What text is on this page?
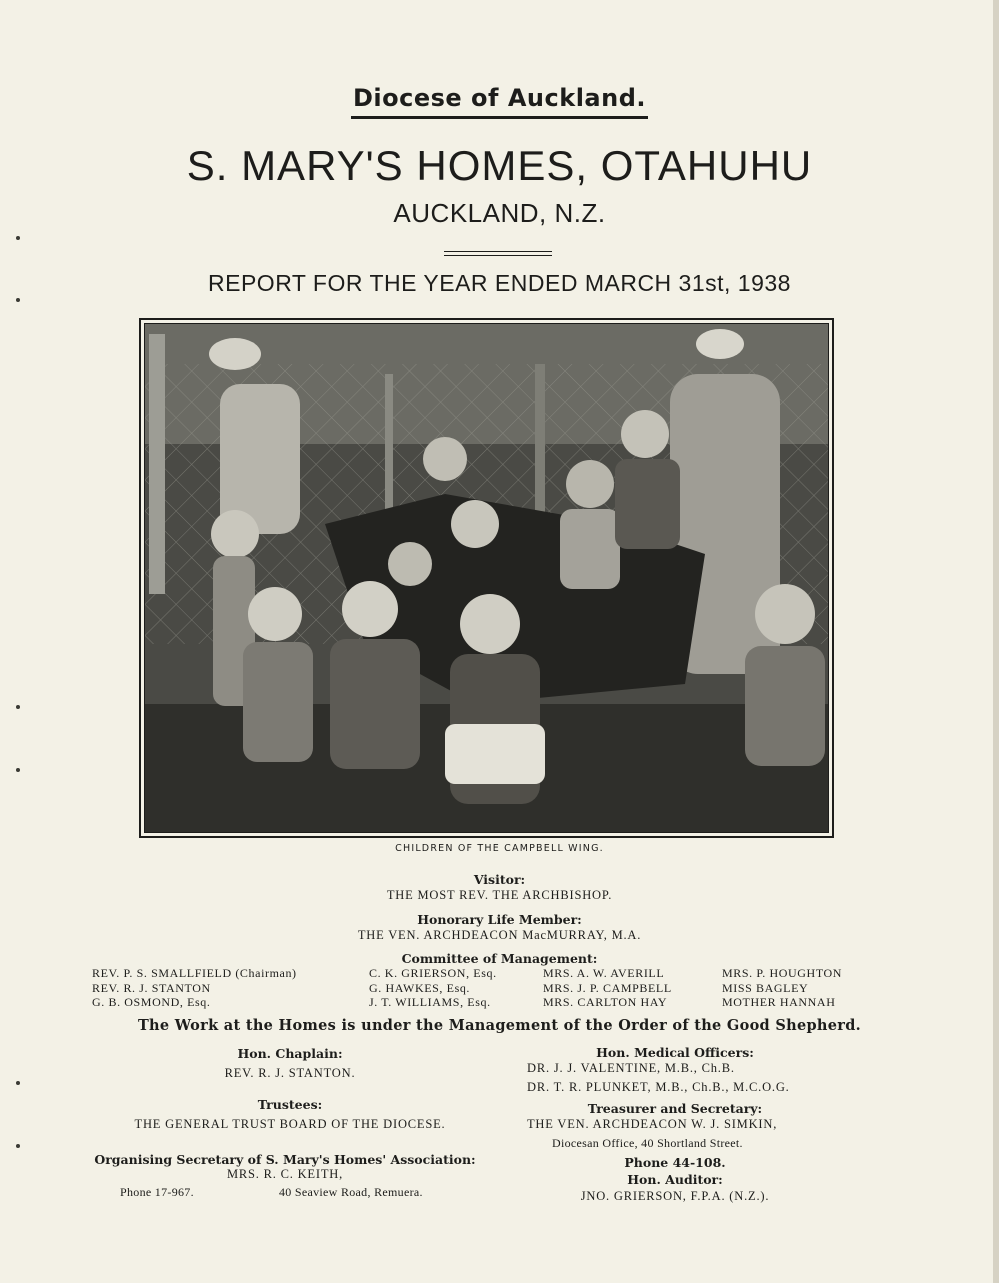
Diocese of Auckland.
S. MARY'S HOMES, OTAHUHU
AUCKLAND, N.Z.
REPORT FOR THE YEAR ENDED MARCH 31st, 1938
CHILDREN OF THE CAMPBELL WING.
Visitor:
THE MOST REV. THE ARCHBISHOP.
Honorary Life Member:
THE VEN. ARCHDEACON MacMURRAY, M.A.
Committee of Management:
REV. P. S. SMALLFIELD (Chairman)
REV. R. J. STANTON
G. B. OSMOND, Esq.
C. K. GRIERSON, Esq.
G. HAWKES, Esq.
J. T. WILLIAMS, Esq.
MRS. A. W. AVERILL
MRS. J. P. CAMPBELL
MRS. CARLTON HAY
MRS. P. HOUGHTON
MISS BAGLEY
MOTHER HANNAH
The Work at the Homes is under the Management of the Order of the Good Shepherd.
Hon. Chaplain:
REV. R. J. STANTON.
Trustees:
THE GENERAL TRUST BOARD OF THE DIOCESE.
Organising Secretary of S. Mary's Homes' Association:
MRS. R. C. KEITH,
Phone 17-967.	40 Seaview Road, Remuera.
Hon. Medical Officers:
DR. J. J. VALENTINE, M.B., Ch.B.
DR. T. R. PLUNKET, M.B., Ch.B., M.C.O.G.
Treasurer and Secretary:
THE VEN. ARCHDEACON W. J. SIMKIN,
Diocesan Office, 40 Shortland Street.
Phone 44-108.
Hon. Auditor:
JNO. GRIERSON, F.P.A. (N.Z.).
